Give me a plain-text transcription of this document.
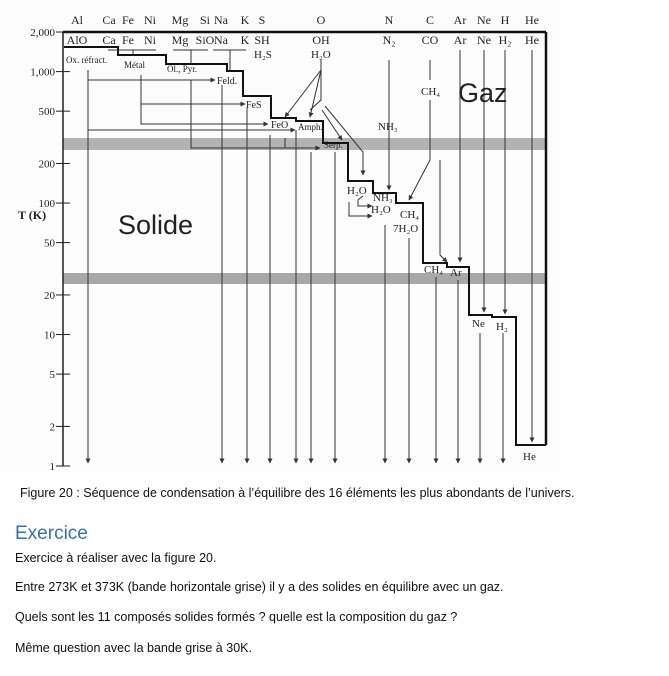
2,000
1,000
500
200
100
50
20
10
5
2
1
Al Ca Fe Ni Mg Si Na K S	O	N	C Ar Ne H He
AlO Ca Fe Ni Mg SiO Na K SH	OH	N₂ CO Ar Ne H₂ He
T (K)	Solide
Gaz
H₂S	H₂O
Ox. réfract. Métal Ol., Pyr.
Feld.
FeS
FeO Amph.
Serp.
NH₃
CH₄
H₂O
NH₃
H₂O CH₄
7H₂O
CH₄ Ar
Ne H₂
He
Figure 20 : Séquence de condensation à l’équilibre des 16 éléments les plus abondants de l’univers.
Exercice
Exercice à réaliser avec la figure 20.
Entre 273K et 373K (bande horizontale grise) il y a des solides en équilibre avec un gaz.
Quels sont les 11 composés solides formés ? quelle est la composition du gaz ?
Même question avec la bande grise à 30K.
